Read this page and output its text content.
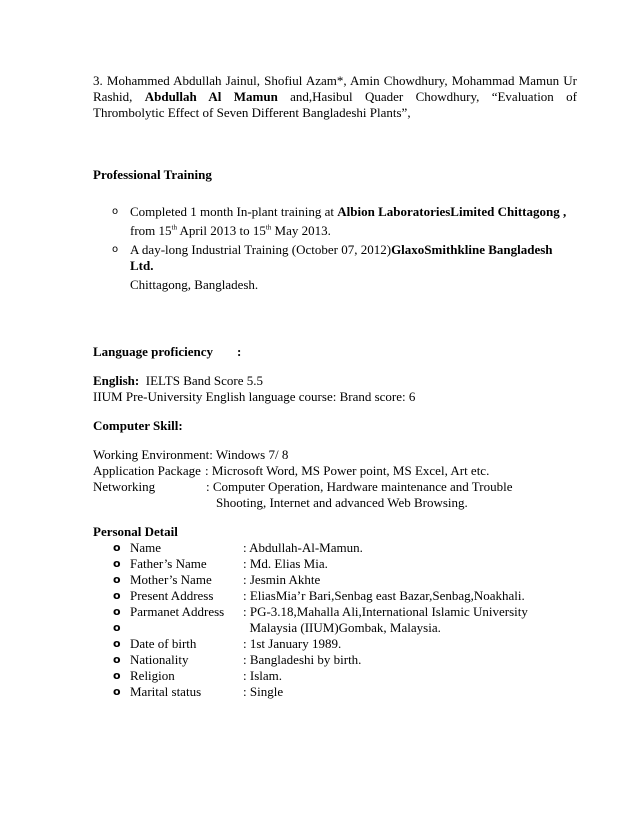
3. Mohammed Abdullah Jainul, Shofiul Azam*, Amin Chowdhury, Mohammad Mamun Ur Rashid, Abdullah Al Mamun and,Hasibul Quader Chowdhury, “Evaluation of Thrombolytic Effect of Seven Different Bangladeshi Plants”,

Professional Training

o Completed 1 month In-plant training at Albion LaboratoriesLimited Chittagong ,
from 15th April 2013 to 15th May 2013.
o A day-long Industrial Training (October 07, 2012)GlaxoSmithkline Bangladesh Ltd.
Chittagong, Bangladesh.
Language proficiency :
English:  IELTS Band Score 5.5
IIUM Pre-University English language course: Brand score: 6

Computer Skill:

Working Environment : Windows 7/ 8
Application Package : Microsoft Word, MS Power point, MS Excel, Art etc.
Networking	: Computer Operation, Hardware maintenance and Trouble
Shooting, Internet and advanced Web Browsing.

Personal Detail

o Name	: Abdullah-Al-Mamun.
o Father’s Name	: Md. Elias Mia.
o Mother’s Name	: Jesmin Akhte
o Present Address	: EliasMia’r Bari,Senbag east Bazar,Senbag,Noakhali.
o Parmanet Address	: PG-3.18,Mahalla Ali,International Islamic University
o	Malaysia (IIUM)Gombak, Malaysia.
o Date of birth	: 1st January 1989.
o Nationality	: Bangladeshi by birth.
o Religion	: Islam.
o Marital status	: Single
